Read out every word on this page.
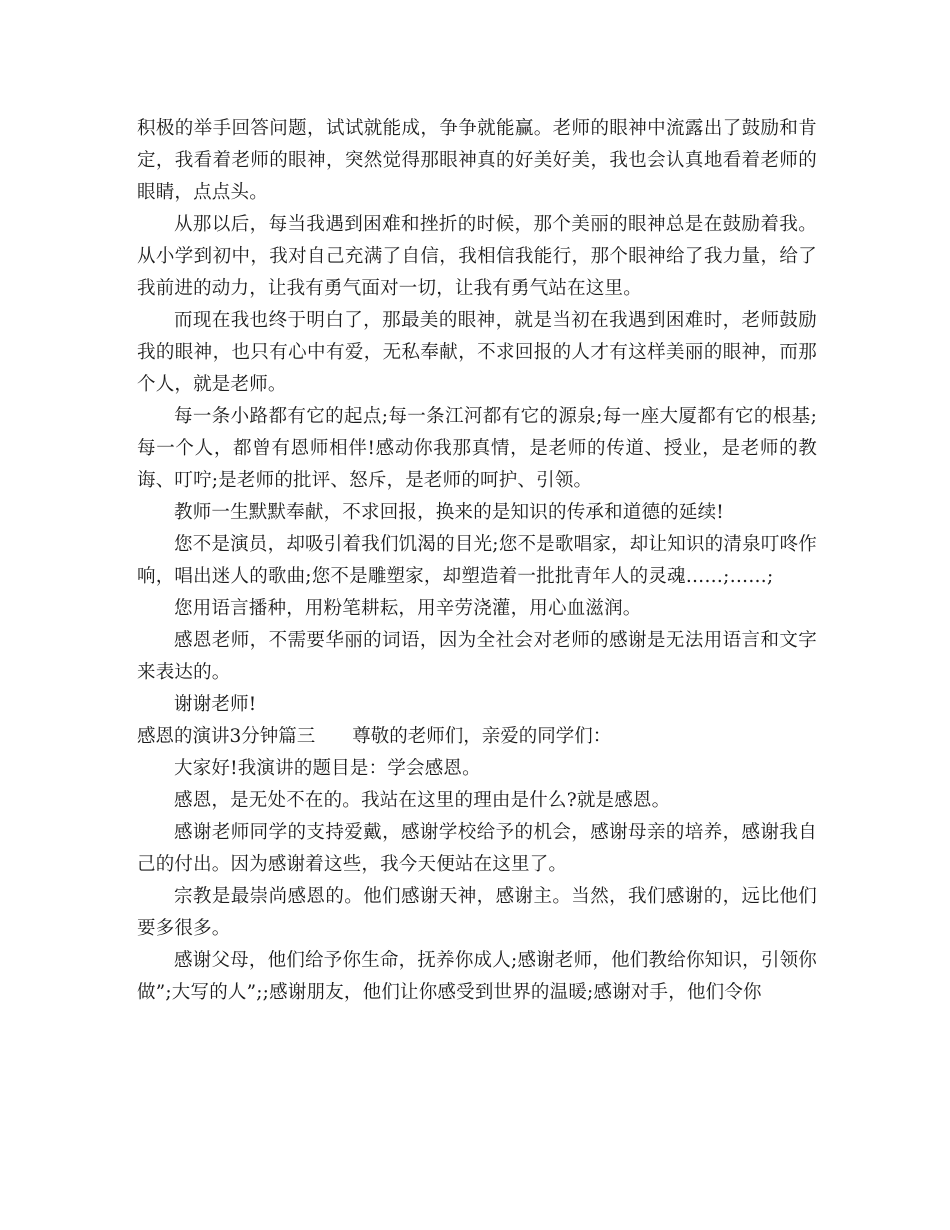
积极的举手回答问题，试试就能成，争争就能赢。老师的眼神中流露出了鼓励和肯定，我看着老师的眼神，突然觉得那眼神真的好美好美，我也会认真地看着老师的眼睛，点点头。

从那以后，每当我遇到困难和挫折的时候，那个美丽的眼神总是在鼓励着我。从小学到初中，我对自己充满了自信，我相信我能行，那个眼神给了我力量，给了我前进的动力，让我有勇气面对一切，让我有勇气站在这里。

而现在我也终于明白了，那最美的眼神，就是当初在我遇到困难时，老师鼓励我的眼神，也只有心中有爱，无私奉献，不求回报的人才有这样美丽的眼神，而那个人，就是老师。

每一条小路都有它的起点;每一条江河都有它的源泉;每一座大厦都有它的根基;每一个人，都曾有恩师相伴!感动你我那真情，是老师的传道、授业，是老师的教诲、叮咛;是老师的批评、怒斥，是老师的呵护、引领。

教师一生默默奉献，不求回报，换来的是知识的传承和道德的延续!

您不是演员，却吸引着我们饥渴的目光;您不是歌唱家，却让知识的清泉叮咚作响，唱出迷人的歌曲;您不是雕塑家，却塑造着一批批青年人的灵魂……;……;

您用语言播种，用粉笔耕耘，用辛劳浇灌，用心血滋润。

感恩老师，不需要华丽的词语，因为全社会对老师的感谢是无法用语言和文字来表达的。

谢谢老师!

感恩的演讲3分钟篇三　　尊敬的老师们，亲爱的同学们：

大家好!我演讲的题目是：学会感恩。

感恩，是无处不在的。我站在这里的理由是什么?就是感恩。

感谢老师同学的支持爱戴，感谢学校给予的机会，感谢母亲的培养，感谢我自己的付出。因为感谢着这些，我今天便站在这里了。

宗教是最崇尚感恩的。他们感谢天神，感谢主。当然，我们感谢的，远比他们要多很多。

感谢父母，他们给予你生命，抚养你成人;感谢老师，他们教给你知识，引领你做”;大写的人”;;感谢朋友，他们让你感受到世界的温暖;感谢对手，他们令你
